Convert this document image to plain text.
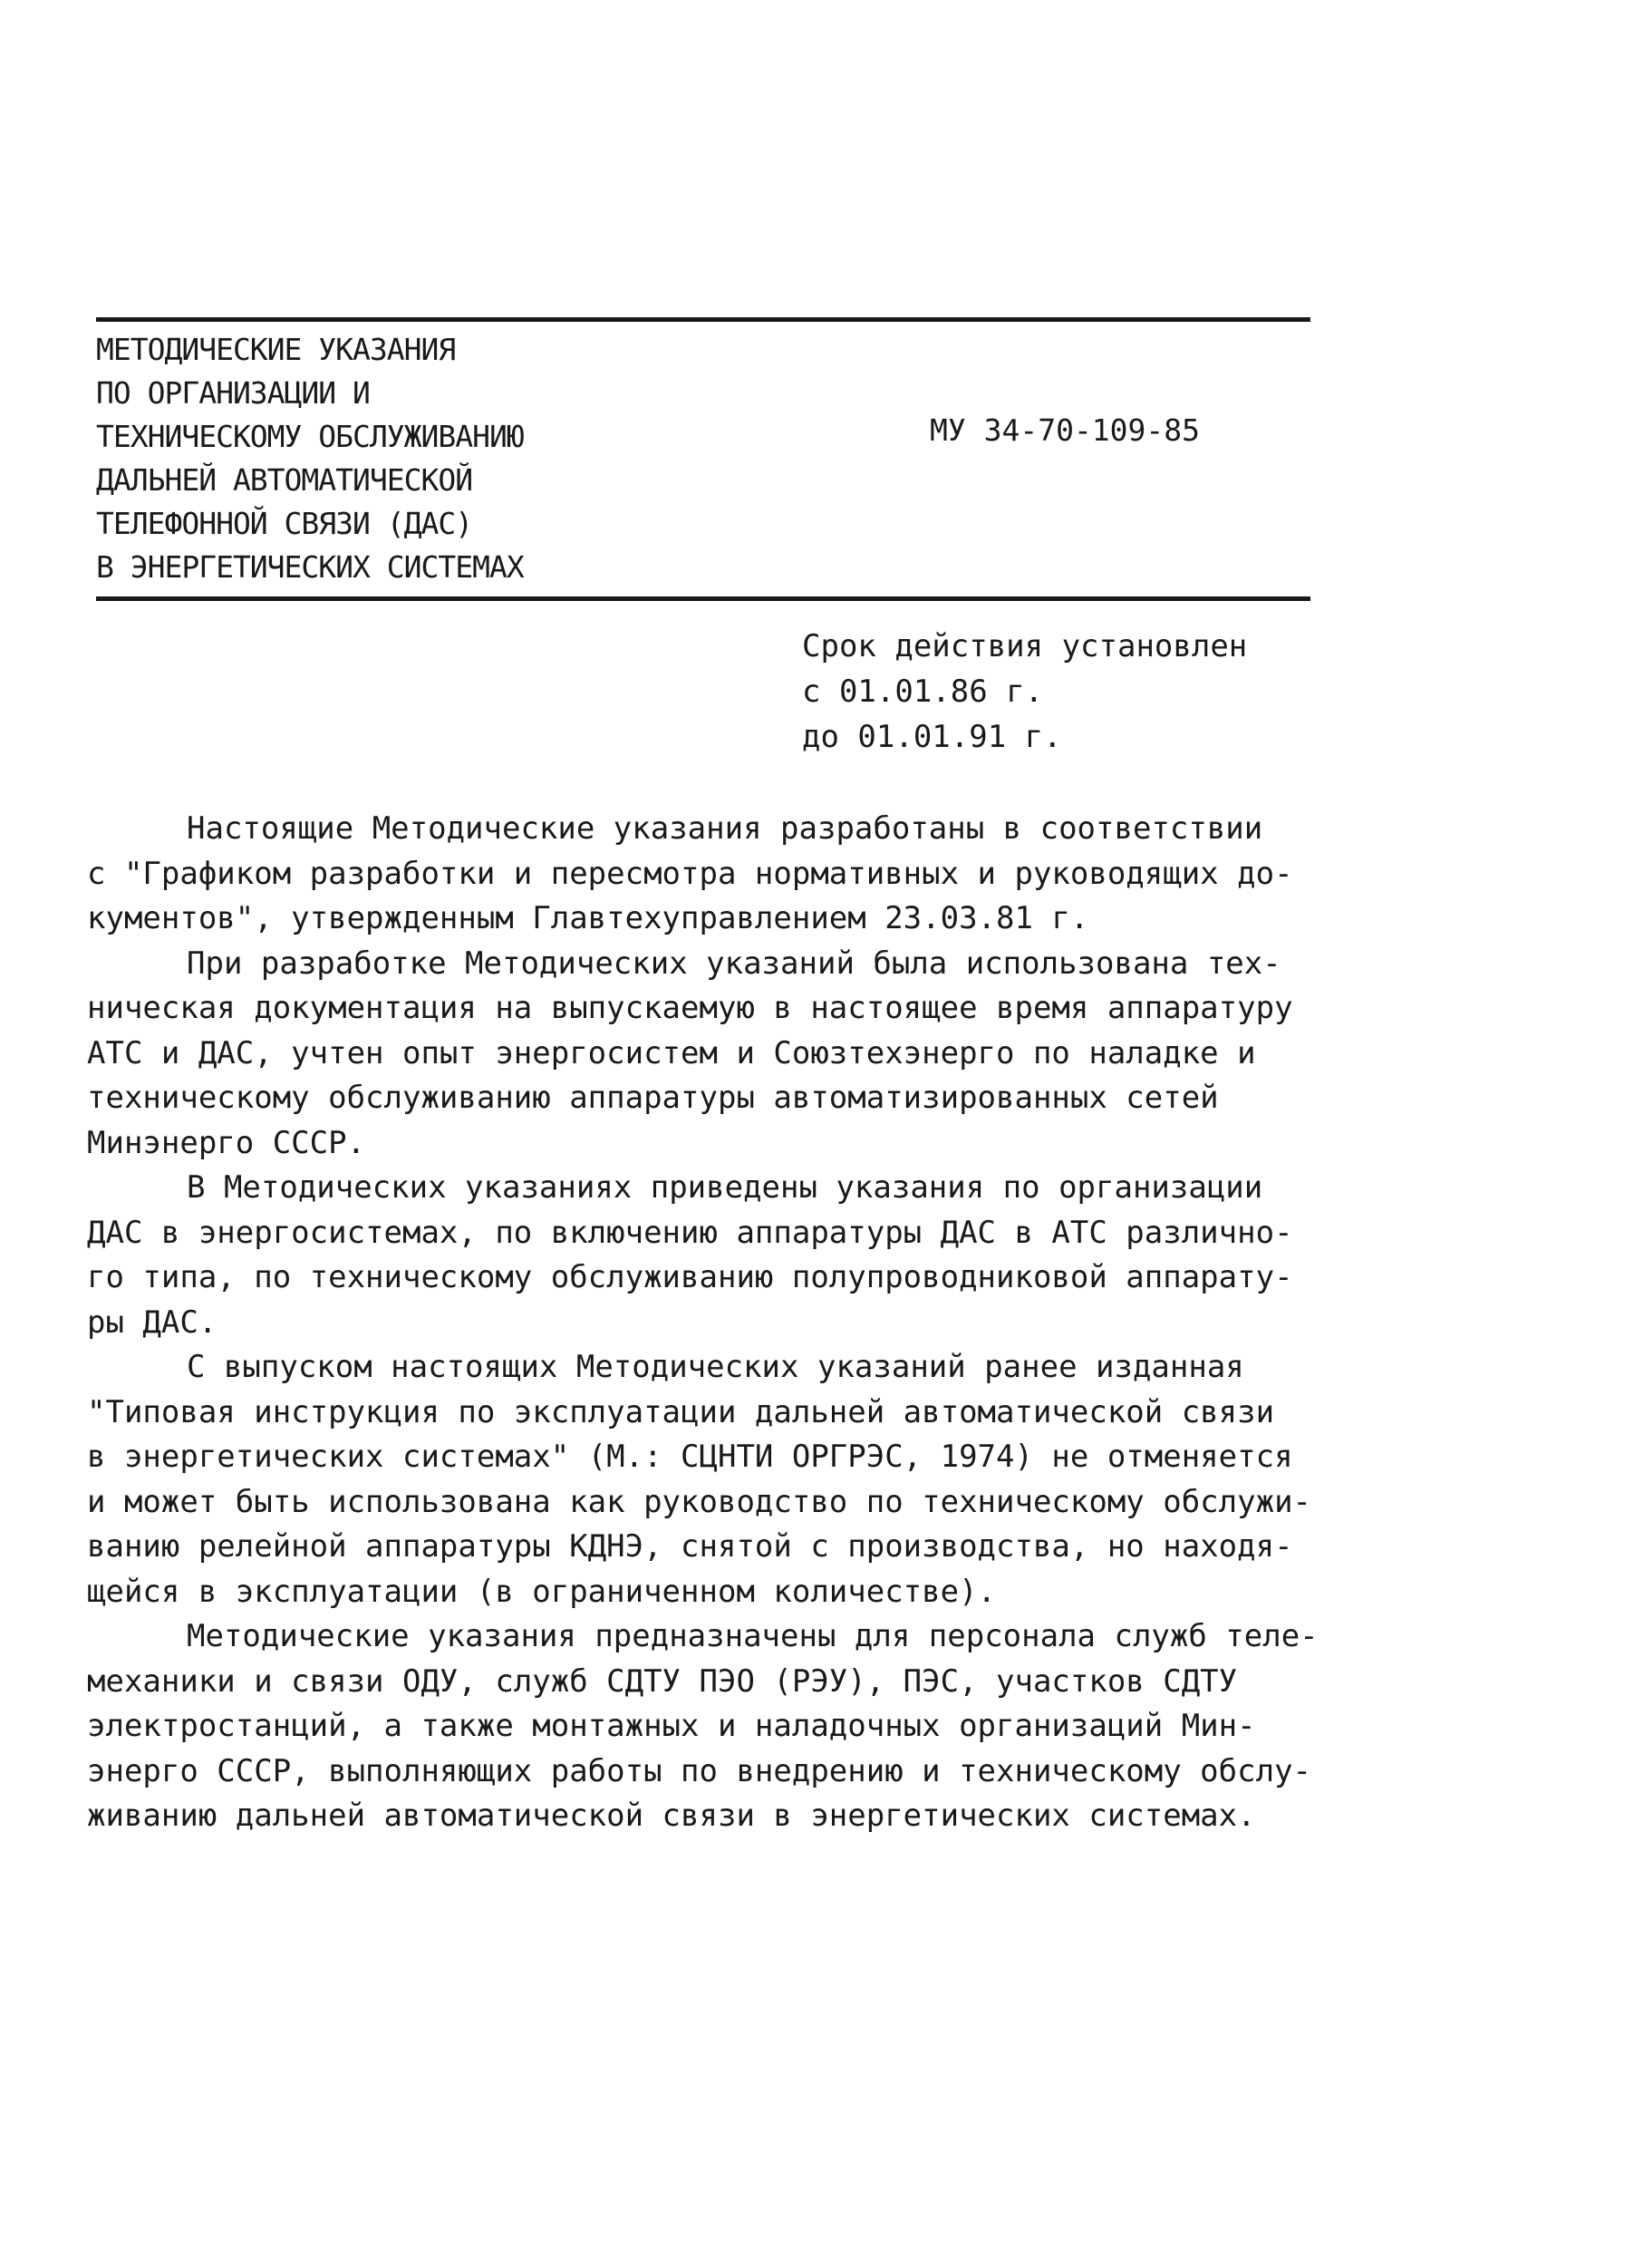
МЕТОДИЧЕСКИЕ УКАЗАНИЯ
ПО ОРГАНИЗАЦИИ И
ТЕХНИЧЕСКОМУ ОБСЛУЖИВАНИЮ
ДАЛЬНЕЙ АВТОМАТИЧЕСКОЙ
ТЕЛЕФОННОЙ СВЯЗИ (ДАС)
В ЭНЕРГЕТИЧЕСКИХ СИСТЕМАХ
МУ 34-70-109-85
Срок действия установлен
с 01.01.86 г.
до 01.01.91 г.
Настоящие Методические указания разработаны в соответствии
с "Графиком разработки и пересмотра нормативных и руководящих до-
кументов", утвержденным Главтехуправлением 23.03.81 г.
При разработке Методических указаний была использована тех-
ническая документация на выпускаемую в настоящее время аппаратуру
АТС и ДАС, учтен опыт энергосистем и Союзтехэнерго по наладке и
техническому обслуживанию аппаратуры автоматизированных сетей
Минэнерго СССР.
В Методических указаниях приведены указания по организации
ДАС в энергосистемах, по включению аппаратуры ДАС в АТС различно-
го типа, по техническому обслуживанию полупроводниковой аппарату-
ры ДАС.
С выпуском настоящих Методических указаний ранее изданная
"Типовая инструкция по эксплуатации дальней автоматической связи
в энергетических системах" (М.: СЦНТИ ОРГРЭС, 1974) не отменяется
и может быть использована как руководство по техническому обслужи-
ванию релейной аппаратуры КДНЭ, снятой с производства, но находя-
щейся в эксплуатации (в ограниченном количестве).
Методические указания предназначены для персонала служб теле-
механики и связи ОДУ, служб СДТУ ПЭО (РЭУ), ПЭС, участков СДТУ
электростанций, а также монтажных и наладочных организаций Мин-
энерго СССР, выполняющих работы по внедрению и техническому обслу-
живанию дальней автоматической связи в энергетических системах.
